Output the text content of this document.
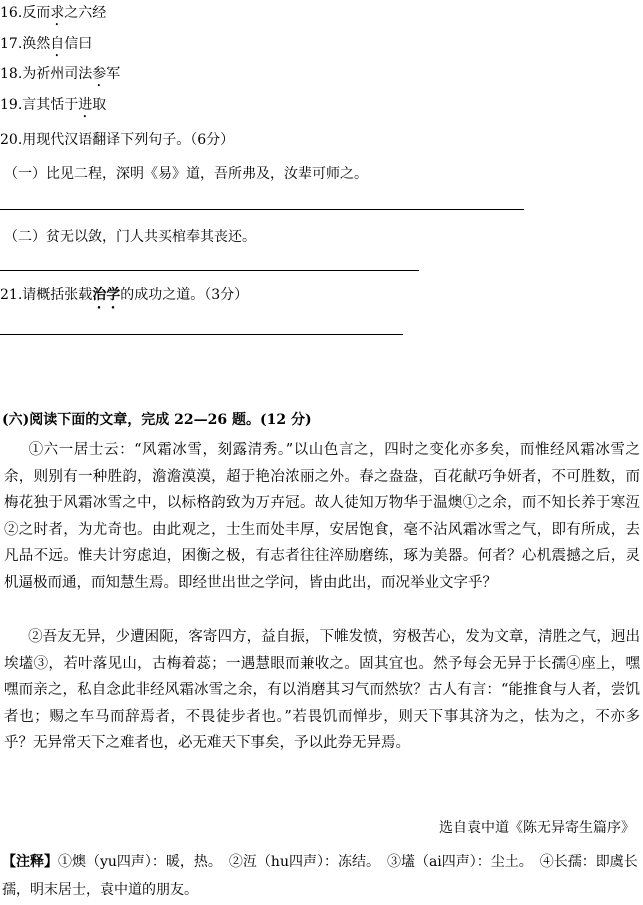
16.反而求之六经
17.涣然自信曰
18.为祈州司法参军
19.言其恬于进取
20.用现代汉语翻译下列句子。（6分）
（一）比见二程，深明《易》道，吾所弗及，汝辈可师之。
（二）贫无以敛，门人共买棺奉其丧还。
21.请概括张载治学的成功之道。（3分）
(六)阅读下面的文章，完成 22—26 题。(12 分)
①六一居士云：“风霜冰雪，刻露清秀。”以山色言之，四时之变化亦多矣，而惟经风霜冰雪之余，则别有一种胜韵，澹澹漠漠，超于艳冶浓丽之外。春之盎盎，百花献巧争妍者，不可胜数，而梅花独于风霜冰雪之中，以标格韵致为万卉冠。故人徒知万物华于温燠①之余，而不知长养于寒沍②之时者，为尤奇也。由此观之，士生而处丰厚，安居饱食，毫不沾风霜冰雪之气，即有所成，去凡品不远。惟夫计穷虑迫，困衡之极，有志者往往淬励磨练，琢为美器。何者？心机震撼之后，灵机逼极而通，而知慧生焉。即经世出世之学问，皆由此出，而况举业文字乎？
②吾友无异，少遭困阨，客寄四方，益自振，下帷发愤，穷极苦心，发为文章，清胜之气，迥出埃壒③，若叶落见山，古梅着蕊；一遇慧眼而兼收之。固其宜也。然予每会无异于长孺④座上，嘿嘿而亲之，私自念此非经风霜冰雪之余，有以消磨其习气而然欤？古人有言：“能推食与人者，尝饥者也；赐之车马而辞焉者，不畏徒步者也。”若畏饥而惮步，则天下事其济为之，怯为之，不亦多乎？无异常天下之难者也，必无难天下事矣，予以此券无异焉。
选自袁中道《陈无异寄生篇序》
【注释】①燠（yu四声）：暖，热。　②沍（hu四声）：冻结。　③壒（ai四声）：尘土。　④长孺：即虞长孺，明末居士，袁中道的朋友。
